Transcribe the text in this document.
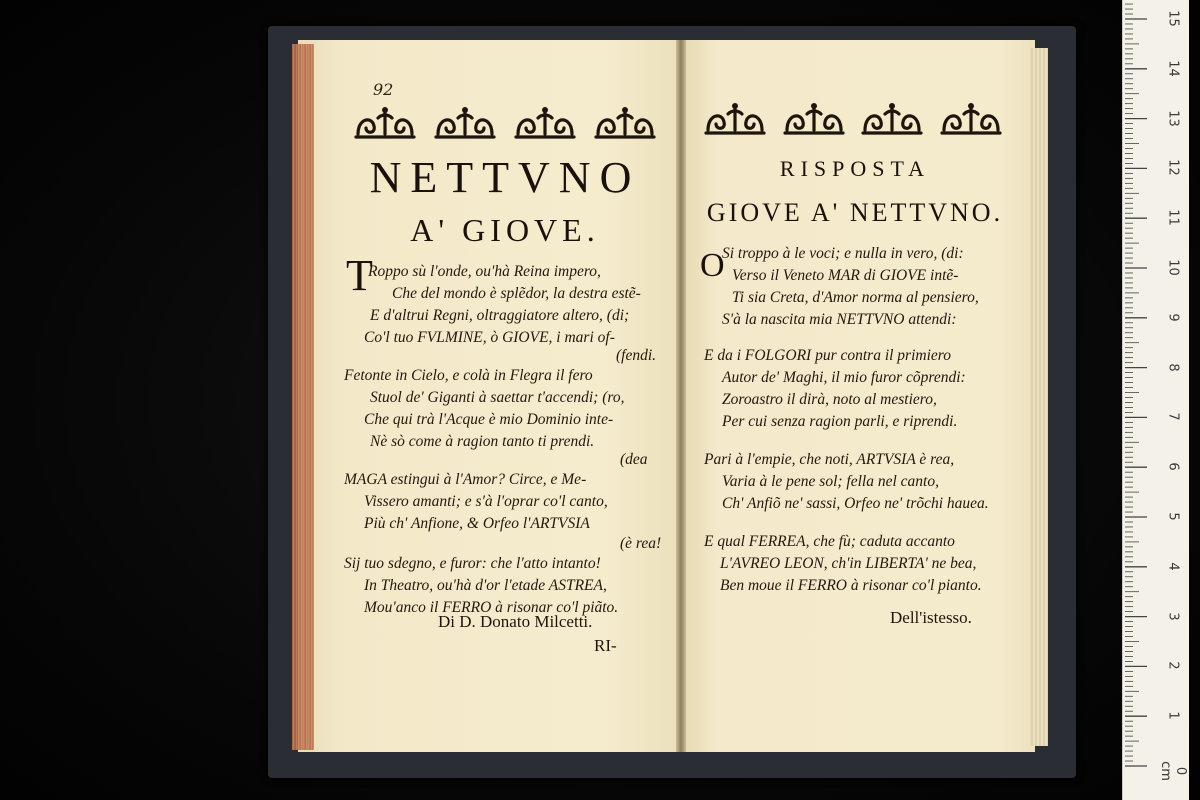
92
NETTVNO
A' GIOVE.
T
Roppo sù l'onde, ou'hà Reina impero,
Che del mondo è splẽdor, la destra estẽ-
E d'altrui Regni, oltraggiatore altero, (di;
Co'l tuo FVLMINE, ò GIOVE, i mari of-
(fendi.
Fetonte in Cielo, e colà in Flegra il fero
Stuol de' Giganti à saettar t'accendi; (ro,
Che qui trà l'Acque è mio Dominio inte-
Nè sò come à ragion tanto ti prendi.
(dea
MAGA estingui à l'Amor? Circe, e Me-
Vissero amanti; e s'à l'oprar co'l canto,
Più ch' Anfione, & Orfeo l'ARTVSIA
(è rea!
Sij tuo sdegno, e furor: che l'atto intanto!
In Theatro, ou'hà d'or l'etade ASTREA,
Mou'anco il FERRO à risonar co'l piãto.
Di D. Donato Milcetti.
RI-
RISPOSTA
GIOVE A' NETTVNO.
O
Si troppo à le voci; e nulla in vero, (di:
Verso il Veneto MAR di GIOVE intẽ-
Ti sia Creta, d'Amor norma al pensiero,
S'à la nascita mia NETTVNO attendi:
E da i FOLGORI pur contra il primiero
Autor de' Maghi, il mio furor cõprendi:
Zoroastro il dirà, noto al mestiero,
Per cui senza ragion parli, e riprendi.
Pari à l'empie, che noti, ARTVSIA è rea,
Varia à le pene sol; fella nel canto,
Ch' Anfiõ ne' sassi, Orfeo ne' trõchi hauea.
E qual FERREA, che fù; caduta accanto
L'AVREO LEON, ch'in LIBERTA' ne bea,
Ben moue il FERRO à risonar co'l pianto.
Dell'istesso.
0 cm
1
2
3
4
5
6
7
8
9
10
11
12
13
14
15
